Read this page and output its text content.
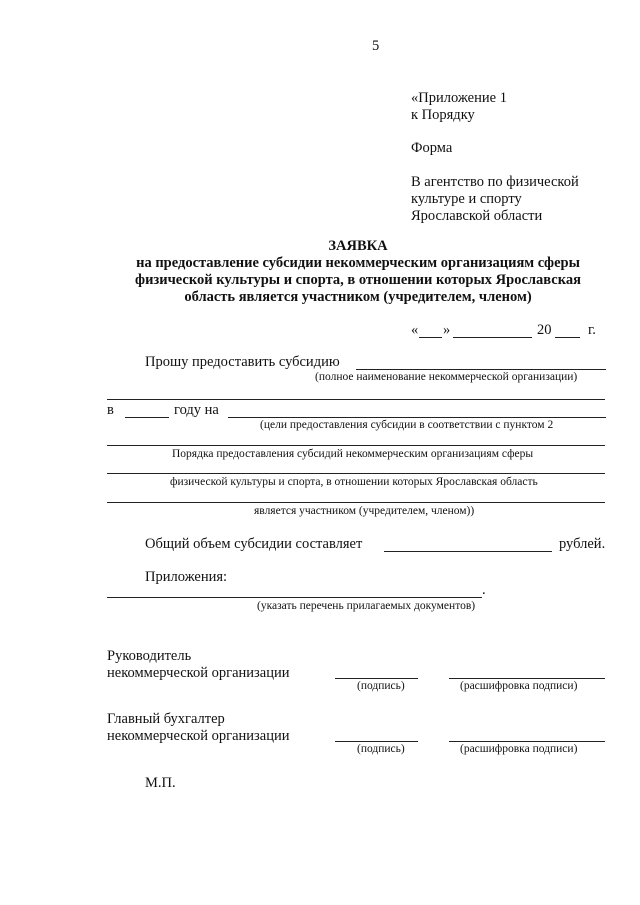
5
«Приложение 1
к Порядку
Форма
В агентство по физической
культуре и спорту
Ярославской области
ЗАЯВКА
на предоставление субсидии некоммерческим организациям сферы
физической культуры и спорта, в отношении которых Ярославская
область является участником (учредителем, членом)
« »	20	г.
Прошу предоставить субсидию
(полное наименование некоммерческой организации)
в	году на
(цели предоставления субсидии в соответствии с пунктом 2
Порядка предоставления субсидий некоммерческим организациям сферы
физической культуры и спорта, в отношении которых Ярославская область
является участником (учредителем, членом))
Общий объем субсидии составляет	рублей.
Приложения:
.
(указать перечень прилагаемых документов)
Руководитель
некоммерческой организации
(подпись)	(расшифровка подписи)
Главный бухгалтер
некоммерческой организации
(подпись)	(расшифровка подписи)
М.П.
